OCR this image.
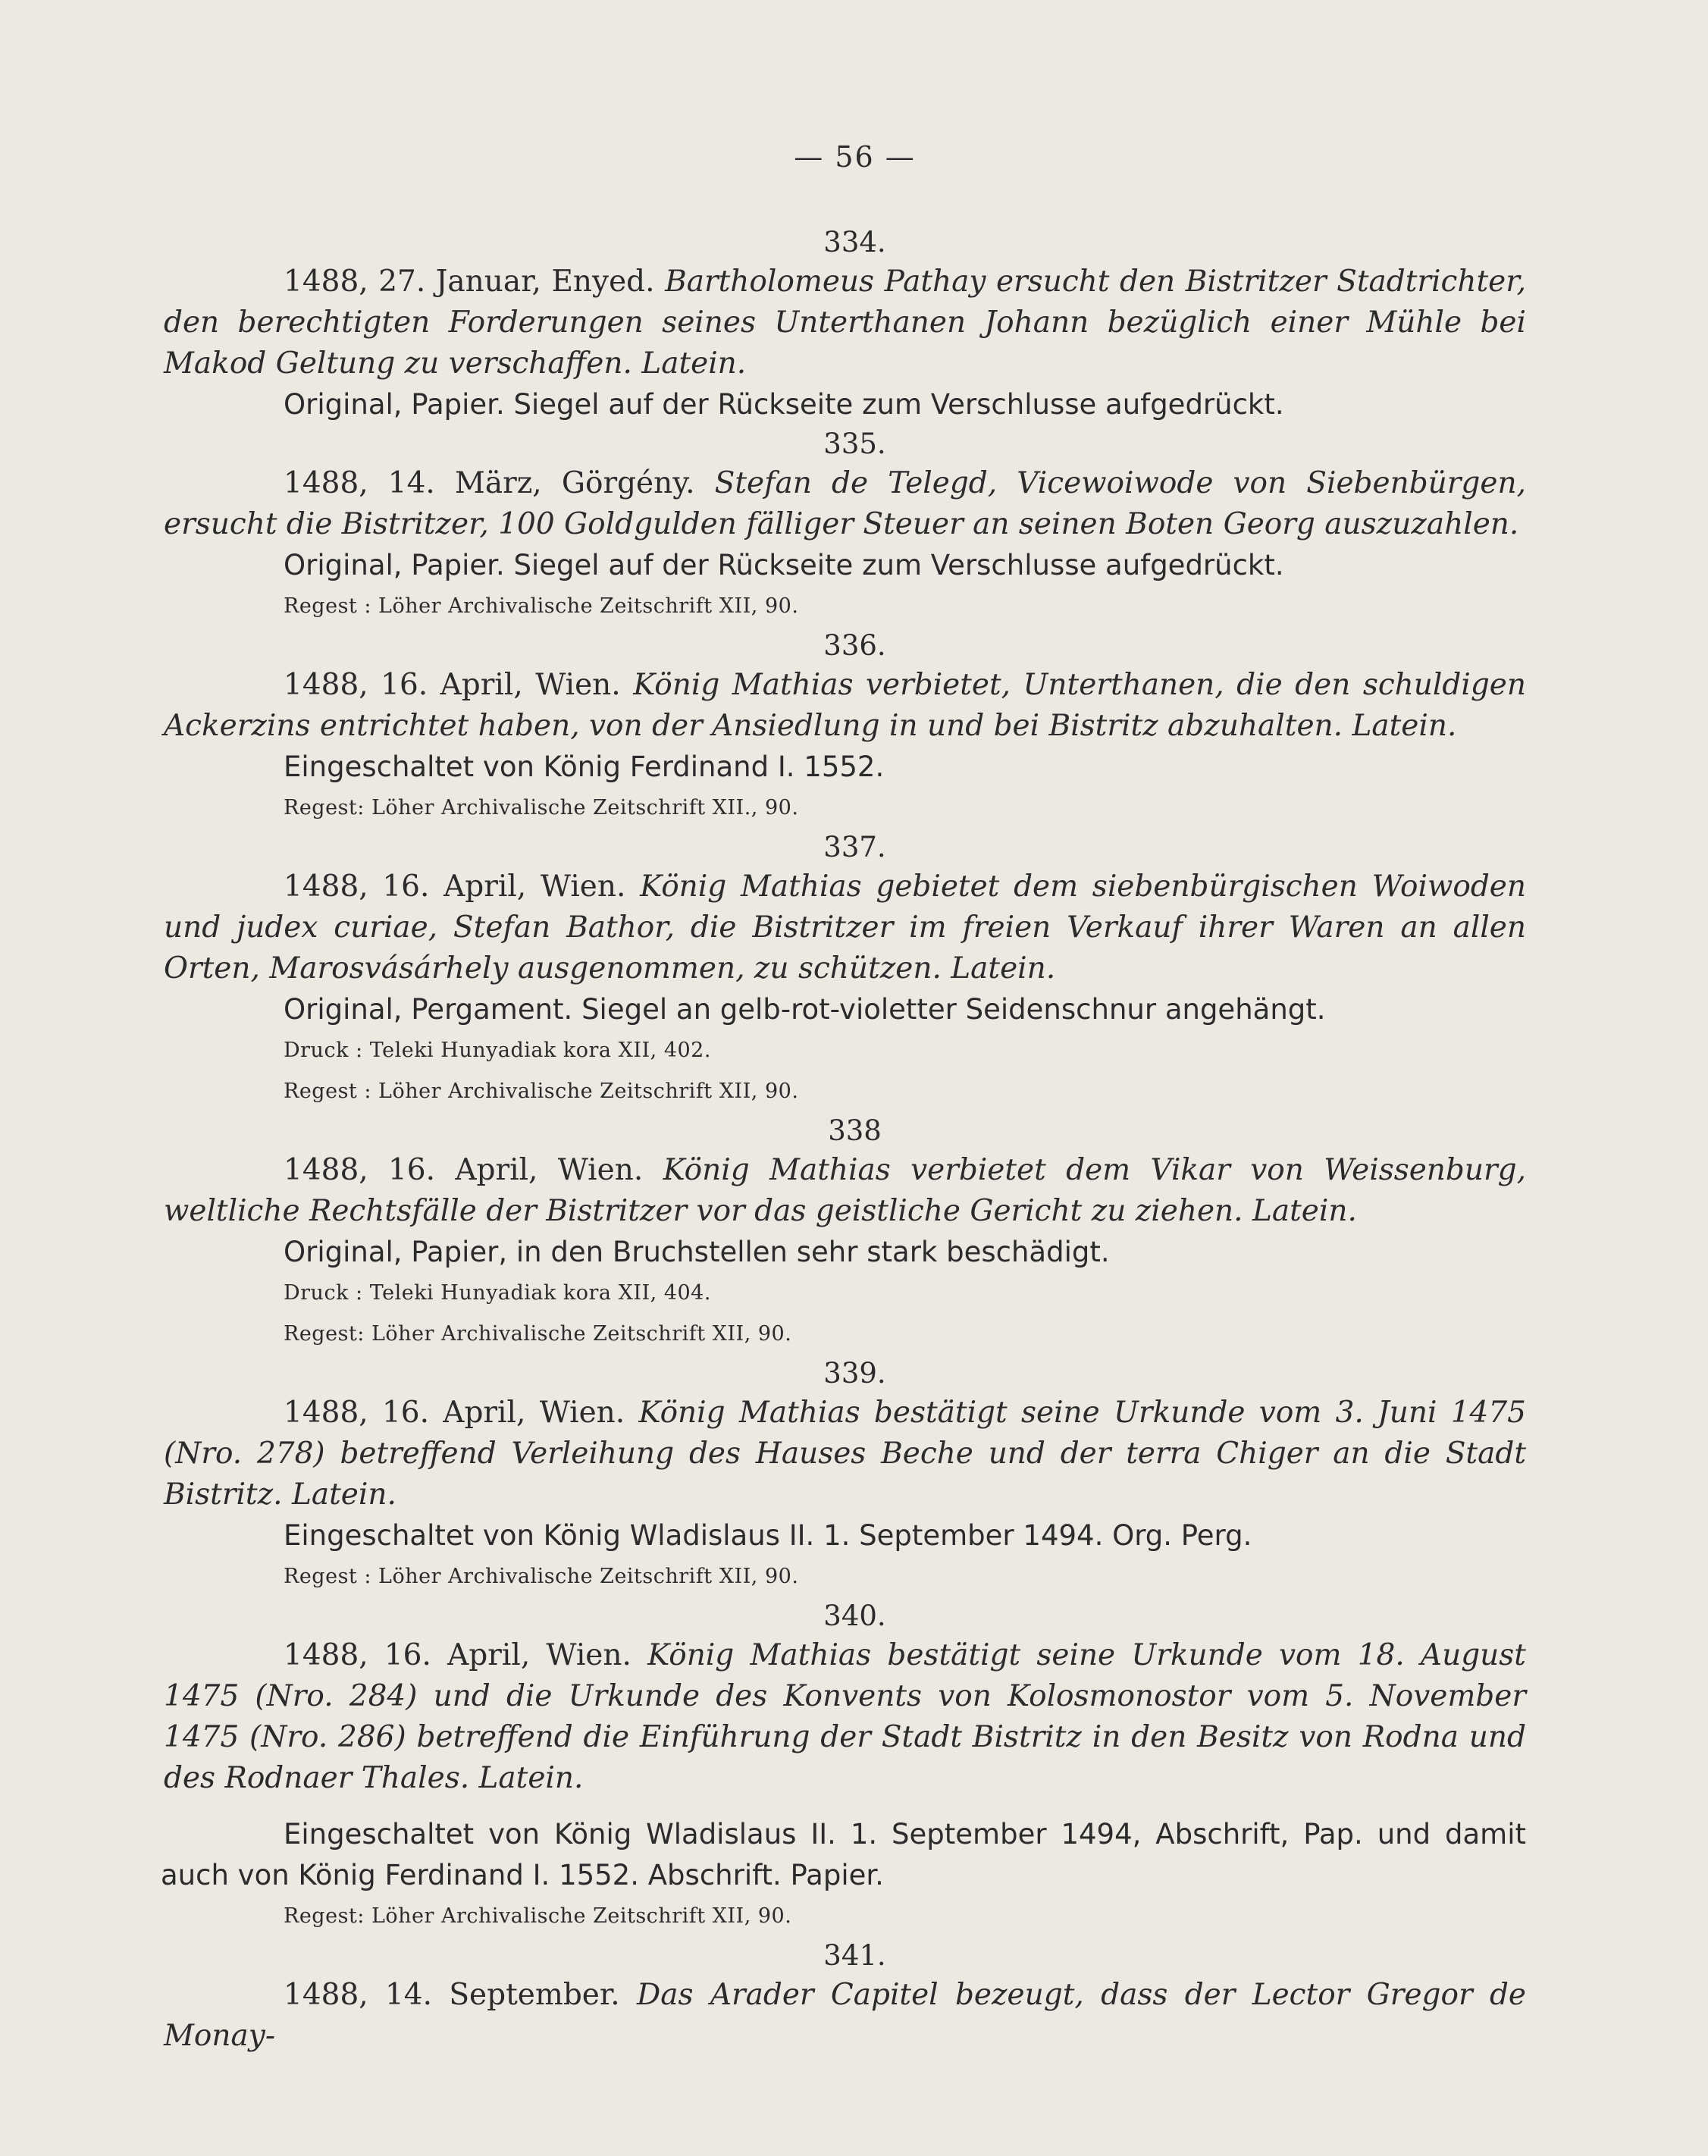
— 56 —
334.
1488, 27. Januar, Enyed. Bartholomeus Pathay ersucht den Bistritzer Stadtrichter, den berechtigten Forderungen seines Unterthanen Johann bezüglich einer Mühle bei Makod Geltung zu verschaffen. Latein.
Original, Papier. Siegel auf der Rückseite zum Verschlusse aufgedrückt.
335.
1488, 14. März, Görgény. Stefan de Telegd, Vicewoiwode von Siebenbürgen, ersucht die Bistritzer, 100 Goldgulden fälliger Steuer an seinen Boten Georg auszuzahlen.
Original, Papier. Siegel auf der Rückseite zum Verschlusse aufgedrückt.
Regest : Löher Archivalische Zeitschrift XII, 90.
336.
1488, 16. April, Wien. König Mathias verbietet, Unterthanen, die den schuldigen Ackerzins entrichtet haben, von der Ansiedlung in und bei Bistritz abzuhalten. Latein.
Eingeschaltet von König Ferdinand I. 1552.
Regest: Löher Archivalische Zeitschrift XII., 90.
337.
1488, 16. April, Wien. König Mathias gebietet dem siebenbürgischen Woiwoden und judex curiae, Stefan Bathor, die Bistritzer im freien Verkauf ihrer Waren an allen Orten, Marosvásárhely ausgenommen, zu schützen. Latein.
Original, Pergament. Siegel an gelb-rot-violetter Seidenschnur angehängt.
Druck : Teleki Hunyadiak kora XII, 402.
Regest : Löher Archivalische Zeitschrift XII, 90.
338
1488, 16. April, Wien. König Mathias verbietet dem Vikar von Weissenburg, weltliche Rechtsfälle der Bistritzer vor das geistliche Gericht zu ziehen. Latein.
Original, Papier, in den Bruchstellen sehr stark beschädigt.
Druck : Teleki Hunyadiak kora XII, 404.
Regest: Löher Archivalische Zeitschrift XII, 90.
339.
1488, 16. April, Wien. König Mathias bestätigt seine Urkunde vom 3. Juni 1475 (Nro. 278) betreffend Verleihung des Hauses Beche und der terra Chiger an die Stadt Bistritz. Latein.
Eingeschaltet von König Wladislaus II. 1. September 1494. Org. Perg.
Regest : Löher Archivalische Zeitschrift XII, 90.
340.
1488, 16. April, Wien. König Mathias bestätigt seine Urkunde vom 18. August 1475 (Nro. 284) und die Urkunde des Konvents von Kolosmonostor vom 5. November 1475 (Nro. 286) betreffend die Einführung der Stadt Bistritz in den Besitz von Rodna und des Rodnaer Thales. Latein.
Eingeschaltet von König Wladislaus II. 1. September 1494, Abschrift, Pap. und damit auch von König Ferdinand I. 1552. Abschrift. Papier.
Regest: Löher Archivalische Zeitschrift XII, 90.
341.
1488, 14. September. Das Arader Capitel bezeugt, dass der Lector Gregor de Monay-
